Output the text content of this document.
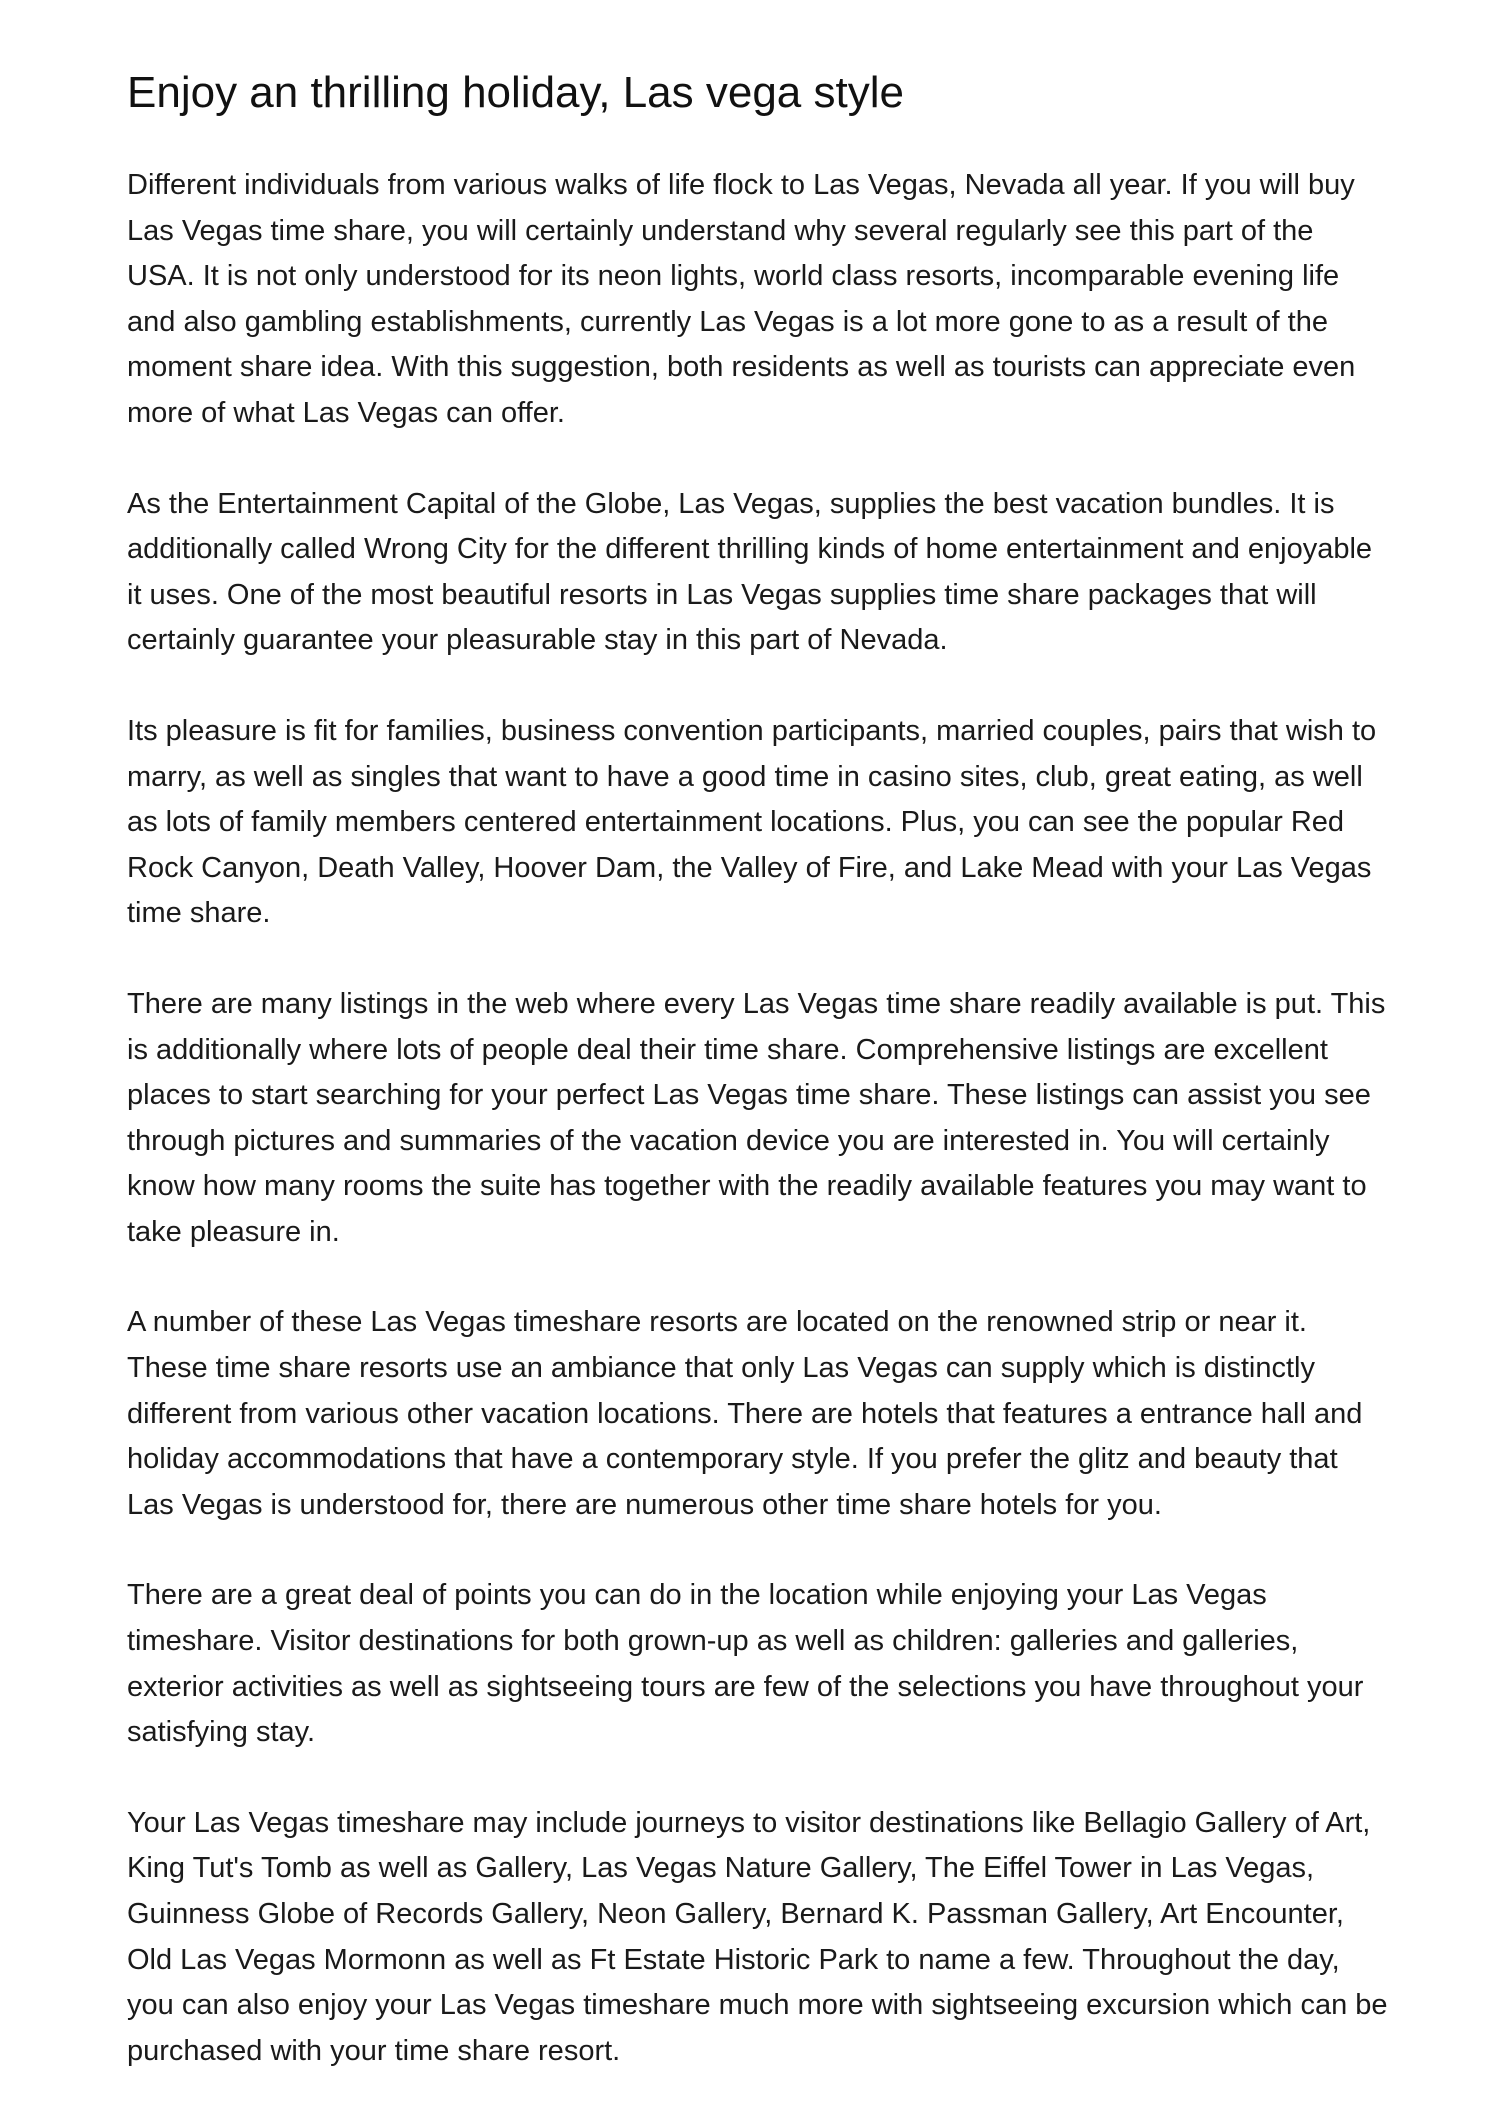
Enjoy an thrilling holiday, Las vega style

Different individuals from various walks of life flock to Las Vegas, Nevada all year. If you will buy Las Vegas time share, you will certainly understand why several regularly see this part of the USA. It is not only understood for its neon lights, world class resorts, incomparable evening life and also gambling establishments, currently Las Vegas is a lot more gone to as a result of the moment share idea. With this suggestion, both residents as well as tourists can appreciate even more of what Las Vegas can offer.

As the Entertainment Capital of the Globe, Las Vegas, supplies the best vacation bundles. It is additionally called Wrong City for the different thrilling kinds of home entertainment and enjoyable it uses. One of the most beautiful resorts in Las Vegas supplies time share packages that will certainly guarantee your pleasurable stay in this part of Nevada.

Its pleasure is fit for families, business convention participants, married couples, pairs that wish to marry, as well as singles that want to have a good time in casino sites, club, great eating, as well as lots of family members centered entertainment locations. Plus, you can see the popular Red Rock Canyon, Death Valley, Hoover Dam, the Valley of Fire, and Lake Mead with your Las Vegas time share.

There are many listings in the web where every Las Vegas time share readily available is put. This is additionally where lots of people deal their time share. Comprehensive listings are excellent places to start searching for your perfect Las Vegas time share. These listings can assist you see through pictures and summaries of the vacation device you are interested in. You will certainly know how many rooms the suite has together with the readily available features you may want to take pleasure in.

A number of these Las Vegas timeshare resorts are located on the renowned strip or near it. These time share resorts use an ambiance that only Las Vegas can supply which is distinctly different from various other vacation locations. There are hotels that features a entrance hall and holiday accommodations that have a contemporary style. If you prefer the glitz and beauty that Las Vegas is understood for, there are numerous other time share hotels for you.

There are a great deal of points you can do in the location while enjoying your Las Vegas timeshare. Visitor destinations for both grown-up as well as children: galleries and galleries, exterior activities as well as sightseeing tours are few of the selections you have throughout your satisfying stay.

Your Las Vegas timeshare may include journeys to visitor destinations like Bellagio Gallery of Art, King Tut's Tomb as well as Gallery, Las Vegas Nature Gallery, The Eiffel Tower in Las Vegas, Guinness Globe of Records Gallery, Neon Gallery, Bernard K. Passman Gallery, Art Encounter, Old Las Vegas Mormonn as well as Ft Estate Historic Park to name a few. Throughout the day, you can also enjoy your Las Vegas timeshare much more with sightseeing excursion which can be purchased with your time share resort.
